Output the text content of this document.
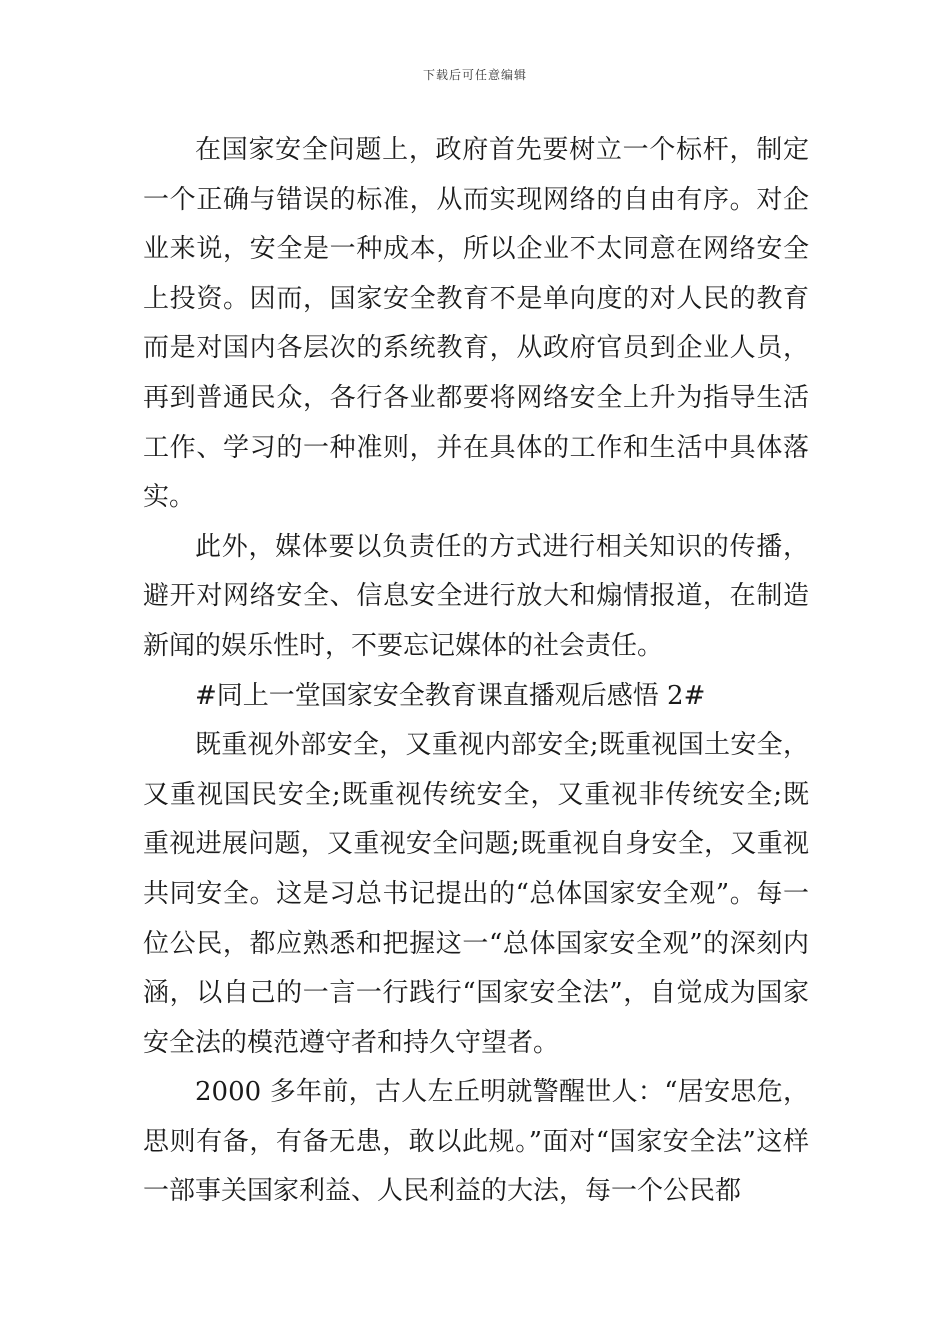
下载后可任意编辑

在国家安全问题上，政府首先要树立一个标杆，制定一个正确与错误的标准，从而实现网络的自由有序。对企业来说，安全是一种成本，所以企业不太同意在网络安全上投资。因而，国家安全教育不是单向度的对人民的教育而是对国内各层次的系统教育，从政府官员到企业人员，再到普通民众，各行各业都要将网络安全上升为指导生活工作、学习的一种准则，并在具体的工作和生活中具体落实。

此外，媒体要以负责任的方式进行相关知识的传播，避开对网络安全、信息安全进行放大和煽情报道，在制造新闻的娱乐性时，不要忘记媒体的社会责任。

#同上一堂国家安全教育课直播观后感悟 2#

既重视外部安全，又重视内部安全;既重视国土安全，又重视国民安全;既重视传统安全，又重视非传统安全;既重视进展问题，又重视安全问题;既重视自身安全，又重视共同安全。这是习总书记提出的“总体国家安全观”。每一位公民，都应熟悉和把握这一“总体国家安全观”的深刻内涵，以自己的一言一行践行“国家安全法”，自觉成为国家安全法的模范遵守者和持久守望者。

2000 多年前，古人左丘明就警醒世人：“居安思危，思则有备，有备无患，敢以此规。”面对“国家安全法”这样一部事关国家利益、人民利益的大法，每一个公民都
